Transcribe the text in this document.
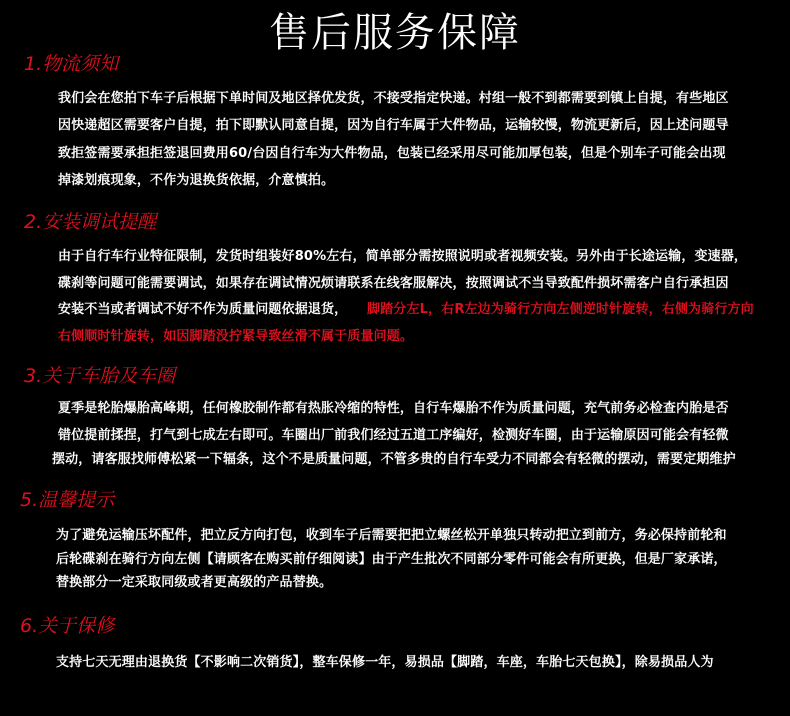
售后服务保障
1.物流须知
我们会在您拍下车子后根据下单时间及地区择优发货，不接受指定快递。村组一般不到都需要到镇上自提，有些地区
因快递超区需要客户自提，拍下即默认同意自提，因为自行车属于大件物品，运输较慢，物流更新后，因上述问题导
致拒签需要承担拒签退回费用60/台因自行车为大件物品，包装已经采用尽可能加厚包装，但是个别车子可能会出现
掉漆划痕现象，不作为退换货依据，介意慎拍。
2.安装调试提醒
由于自行车行业特征限制，发货时组装好80%左右，简单部分需按照说明或者视频安装。另外由于长途运输，变速器，
碟刹等问题可能需要调试，如果存在调试情况烦请联系在线客服解决，按照调试不当导致配件损坏需客户自行承担因
安装不当或者调试不好不作为质量问题依据退货， 脚踏分左L，右R左边为骑行方向左侧逆时针旋转，右侧为骑行方向
右侧顺时针旋转，如因脚踏没拧紧导致丝滑不属于质量问题。
3.关于车胎及车圈
夏季是轮胎爆胎高峰期，任何橡胶制作都有热胀冷缩的特性，自行车爆胎不作为质量问题，充气前务必检查内胎是否
错位提前揉捏，打气到七成左右即可。车圈出厂前我们经过五道工序编好，检测好车圈，由于运输原因可能会有轻微
摆动，请客服找师傅松紧一下辐条，这个不是质量问题，不管多贵的自行车受力不同都会有轻微的摆动，需要定期维护
5.温馨提示
为了避免运输压坏配件，把立反方向打包，收到车子后需要把把立螺丝松开单独只转动把立到前方，务必保持前轮和
后轮碟刹在骑行方向左侧【请顾客在购买前仔细阅读】由于产生批次不同部分零件可能会有所更换，但是厂家承诺，
替换部分一定采取同级或者更高级的产品替换。
6.关于保修
支持七天无理由退换货【不影响二次销货】，整车保修一年，易损品【脚踏，车座，车胎七天包换】，除易损品人为
